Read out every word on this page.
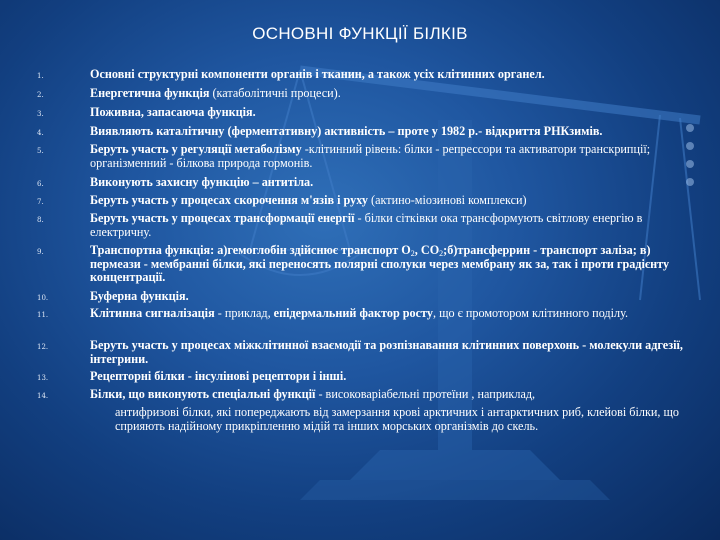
ОСНОВНІ ФУНКЦІЇ БІЛКІВ
1.	Основні структурні компоненти органів і тканин, а також усіх клітинних органел.
2.	Енергетична функція (катаболітичні процеси).
3.	Поживна, запасаюча функція.
4.	Виявляють каталітичну (ферментативну) активність – проте у 1982 р.- відкриття РНКзимів.
5.	Беруть участь у регуляції метаболізму -клітинний рівень: білки - репрессори та активатори транскрипції; організменний - білкова природа гормонів.
6.	Виконують захисну функцію – антитіла.
7.	Беруть участь у процесах скорочення м'язів і руху (актино-міозинові комплекси)
8.	Беруть участь у процесах трансформації енергії - білки сітківки ока трансформують світлову енергію в електричну.
9.	Транспортна функція: а)гемоглобін здійснює транспорт $О_2$, $СО_2;б)трансферрин$ - транспорт заліза; в) пермеази - мембранні білки, які переносять полярні сполуки через мембрану як за, так і проти градієнту концентрації.
10.	Буферна функція.
11.	Клітинна сигналізація - приклад, епідермальний фактор росту, що є промотором клітинного поділу.
12.	Беруть участь у процесах міжклітинної взаємодії та розпізнавання клітинних поверхонь - молекули адгезії, інтегрини.
13.	Рецепторні білки - інсулінові рецептори і інші.
14.	Білки, що виконують спеціальні функції - високоварiабельнi протеїни , наприклад,
антифризові білки, які попереджають від замерзання крові арктичних і антарктичних риб, клейові білки, що сприяють надійному прикріпленню мідій та інших морських організмів до скель.
